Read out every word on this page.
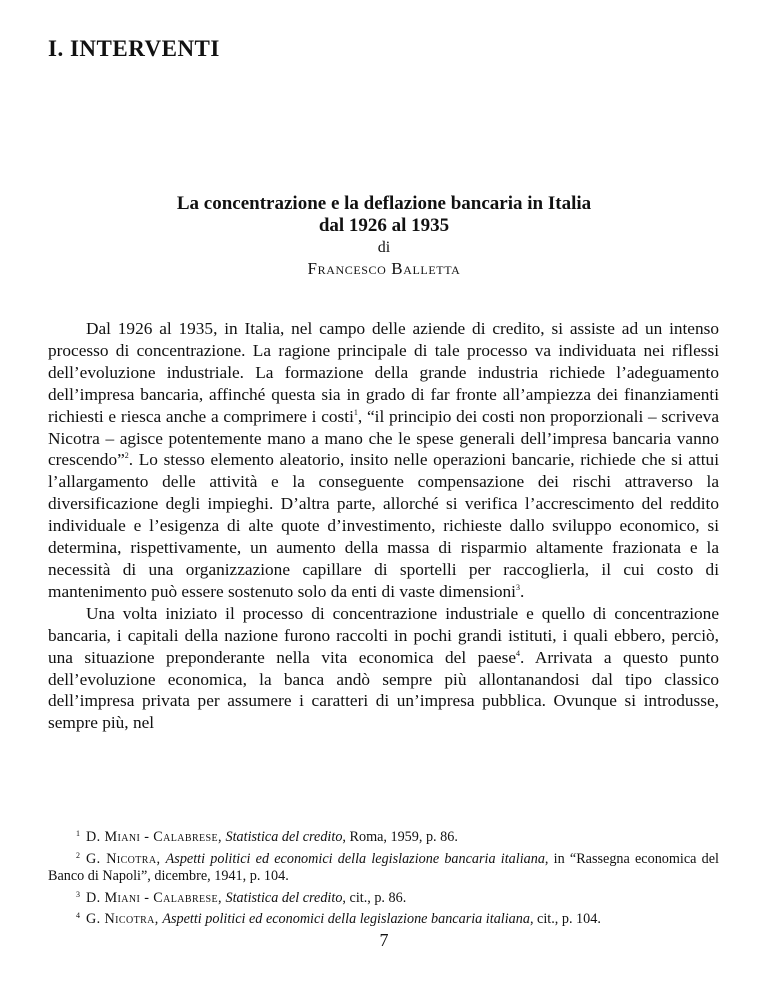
I. INTERVENTI
La concentrazione e la deflazione bancaria in Italia
dal 1926 al 1935
di
Francesco Balletta

Dal 1926 al 1935, in Italia, nel campo delle aziende di credito, si assiste ad un intenso processo di concentrazione. La ragione principale di tale processo va individuata nei riflessi dell’evoluzione industriale. La formazione della grande industria richiede l’adeguamento dell’impresa bancaria, affinché questa sia in grado di far fronte all’ampiezza dei finanziamenti richiesti e riesca anche a comprimere i costi$^1$, “il principio dei costi non proporzionali – scriveva Nicotra – agisce potentemente mano a mano che le spese generali dell’impresa bancaria vanno crescendo”$^2$. Lo stesso elemento aleatorio, insito nelle operazioni bancarie, richiede che si attui l’allargamento delle attività e la conseguente compensazione dei rischi attraverso la diversificazione degli impieghi. D’altra parte, allorché si verifica l’accrescimento del reddito individuale e l’esigenza di alte quote d’investimento, richieste dallo sviluppo economico, si determina, rispettivamente, un aumento della massa di risparmio altamente frazionata e la necessità di una organizzazione capillare di sportelli per raccoglierla, il cui costo di mantenimento può essere sostenuto solo da enti di vaste dimensioni$^3$.

Una volta iniziato il processo di concentrazione industriale e quello di concentrazione bancaria, i capitali della nazione furono raccolti in pochi grandi istituti, i quali ebbero, perciò, una situazione preponderante nella vita economica del paese$^4$. Arrivata a questo punto dell’evoluzione economica, la banca andò sempre più allontanandosi dal tipo classico dell’impresa privata per assumere i caratteri di un’impresa pubblica. Ovunque si introdusse, sempre più, nel

$^1$ D. Miani - Calabrese, Statistica del credito, Roma, 1959, p. 86.

$^2$ G. Nicotra, Aspetti politici ed economici della legislazione bancaria italiana, in “Rassegna economica del Banco di Napoli”, dicembre, 1941, p. 104.

$^3$ D. Miani - Calabrese, Statistica del credito, cit., p. 86.

$^4$ G. Nicotra, Aspetti politici ed economici della legislazione bancaria italiana, cit., p. 104.

7
